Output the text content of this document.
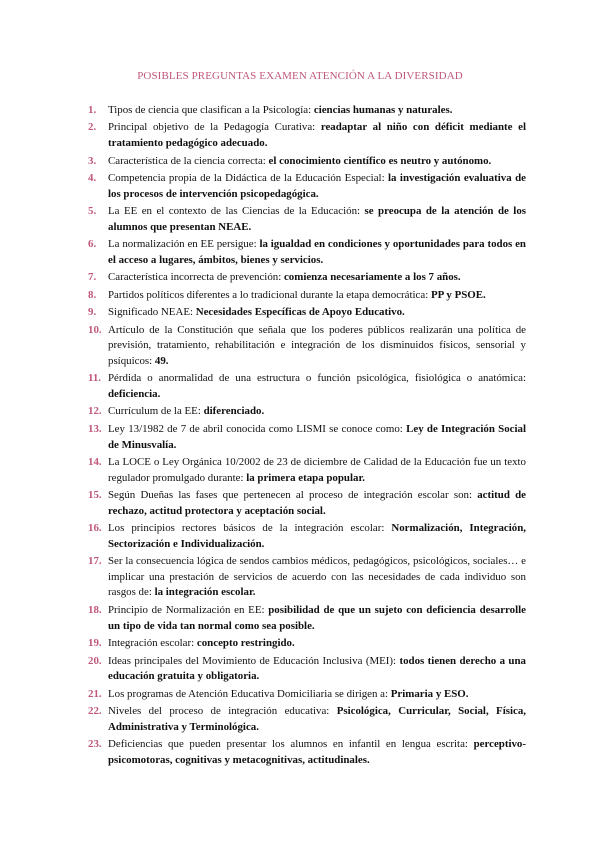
POSIBLES PREGUNTAS EXAMEN ATENCIÓN A LA DIVERSIDAD
1. Tipos de ciencia que clasifican a la Psicología: ciencias humanas y naturales.
2. Principal objetivo de la Pedagogía Curativa: readaptar al niño con déficit mediante el tratamiento pedagógico adecuado.
3. Característica de la ciencia correcta: el conocimiento científico es neutro y autónomo.
4. Competencia propia de la Didáctica de la Educación Especial: la investigación evaluativa de los procesos de intervención psicopedagógica.
5. La EE en el contexto de las Ciencias de la Educación: se preocupa de la atención de los alumnos que presentan NEAE.
6. La normalización en EE persigue: la igualdad en condiciones y oportunidades para todos en el acceso a lugares, ámbitos, bienes y servicios.
7. Característica incorrecta de prevención: comienza necesariamente a los 7 años.
8. Partidos políticos diferentes a lo tradicional durante la etapa democrática: PP y PSOE.
9. Significado NEAE: Necesidades Específicas de Apoyo Educativo.
10. Artículo de la Constitución que señala que los poderes públicos realizarán una política de previsión, tratamiento, rehabilitación e integración de los disminuidos físicos, sensorial y psíquicos: 49.
11. Pérdida o anormalidad de una estructura o función psicológica, fisiológica o anatómica: deficiencia.
12. Currículum de la EE: diferenciado.
13. Ley 13/1982 de 7 de abril conocida como LISMI se conoce como: Ley de Integración Social de Minusvalía.
14. La LOCE o Ley Orgánica 10/2002 de 23 de diciembre de Calidad de la Educación fue un texto regulador promulgado durante: la primera etapa popular.
15. Según Dueñas las fases que pertenecen al proceso de integración escolar son: actitud de rechazo, actitud protectora y aceptación social.
16. Los principios rectores básicos de la integración escolar: Normalización, Integración, Sectorización e Individualización.
17. Ser la consecuencia lógica de sendos cambios médicos, pedagógicos, psicológicos, sociales… e implicar una prestación de servicios de acuerdo con las necesidades de cada individuo son rasgos de: la integración escolar.
18. Principio de Normalización en EE: posibilidad de que un sujeto con deficiencia desarrolle un tipo de vida tan normal como sea posible.
19. Integración escolar: concepto restringido.
20. Ideas principales del Movimiento de Educación Inclusiva (MEI): todos tienen derecho a una educación gratuita y obligatoria.
21. Los programas de Atención Educativa Domiciliaria se dirigen a: Primaria y ESO.
22. Niveles del proceso de integración educativa: Psicológica, Curricular, Social, Física, Administrativa y Terminológica.
23. Deficiencias que pueden presentar los alumnos en infantil en lengua escrita: perceptivo-psicomotoras, cognitivas y metacognitivas, actitudinales.
